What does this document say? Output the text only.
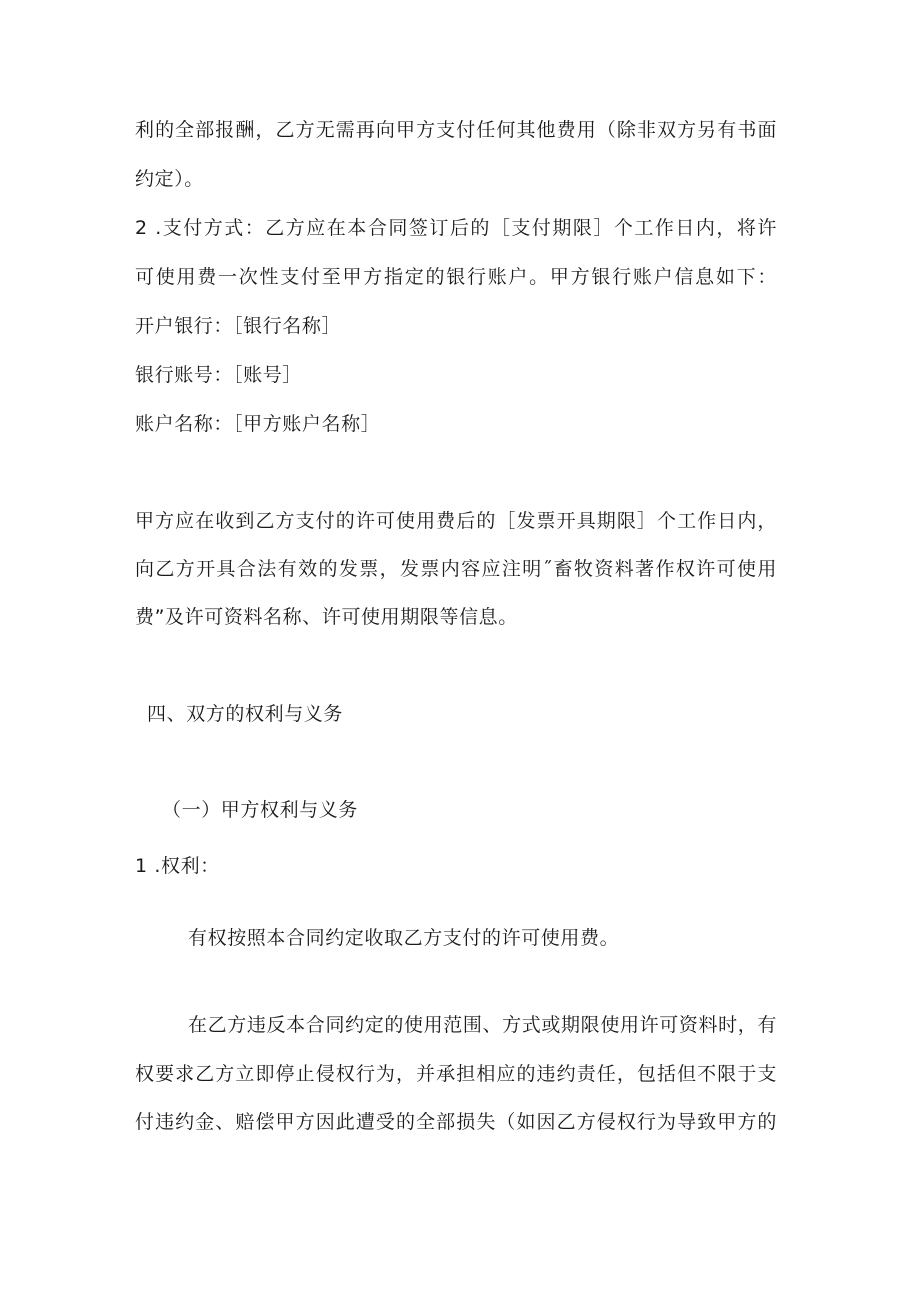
利的全部报酬，乙方无需再向甲方支付任何其他费用（除非双方另有书面
约定）。
2 .支付方式：乙方应在本合同签订后的［支付期限］个工作日内，将许
可使用费一次性支付至甲方指定的银行账户。甲方银行账户信息如下：
开户银行：［银行名称］
银行账号：［账号］
账户名称：［甲方账户名称］
甲方应在收到乙方支付的许可使用费后的［发票开具期限］个工作日内，
向乙方开具合法有效的发票，发票内容应注明˝畜牧资料著作权许可使用
费”及许可资料名称、许可使用期限等信息。
四、双方的权利与义务
（一）甲方权利与义务
1 .权利：
有权按照本合同约定收取乙方支付的许可使用费。
在乙方违反本合同约定的使用范围、方式或期限使用许可资料时，有
权要求乙方立即停止侵权行为，并承担相应的违约责任，包括但不限于支
付违约金、赔偿甲方因此遭受的全部损失（如因乙方侵权行为导致甲方的
